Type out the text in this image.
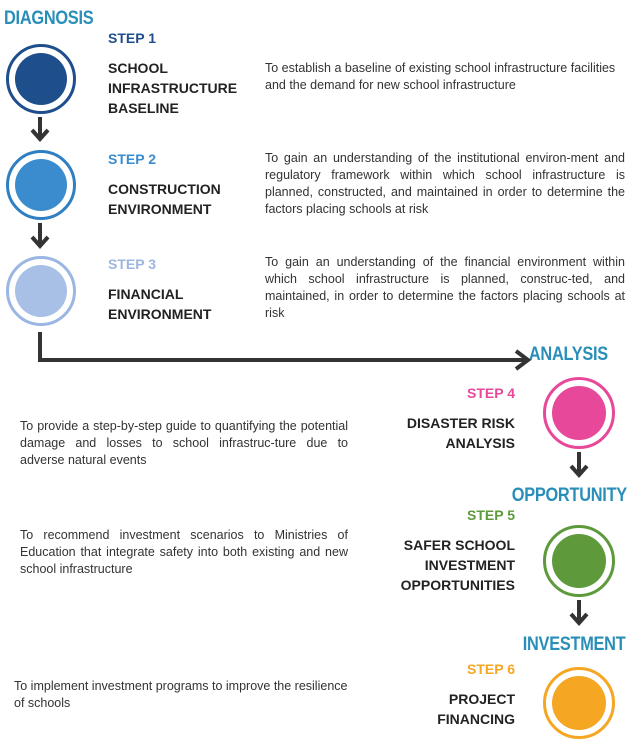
DIAGNOSIS
ANALYSIS
OPPORTUNITY
INVESTMENT
STEP 1
SCHOOL
INFRASTRUCTURE
BASELINE
To establish a baseline of existing school infrastructure facilities and the demand for new school infrastructure
STEP 2
CONSTRUCTION
ENVIRONMENT
To gain an understanding of the institutional environ-ment and regulatory framework within which school infrastructure is planned, constructed, and maintained in order to determine the factors placing schools at risk
STEP 3
FINANCIAL
ENVIRONMENT
To gain an understanding of the financial environment within which school infrastructure is planned, construc-ted, and maintained, in order to determine the factors placing schools at risk
STEP 4
DISASTER RISK
ANALYSIS
To provide a step-by-step guide to quantifying the potential damage and losses to school infrastruc-ture due to adverse natural events
STEP 5
SAFER SCHOOL
INVESTMENT
OPPORTUNITIES
To recommend investment scenarios to Ministries of Education that integrate safety into both existing and new school infrastructure
STEP 6
PROJECT
FINANCING
To implement investment programs to improve the resilience of schools
